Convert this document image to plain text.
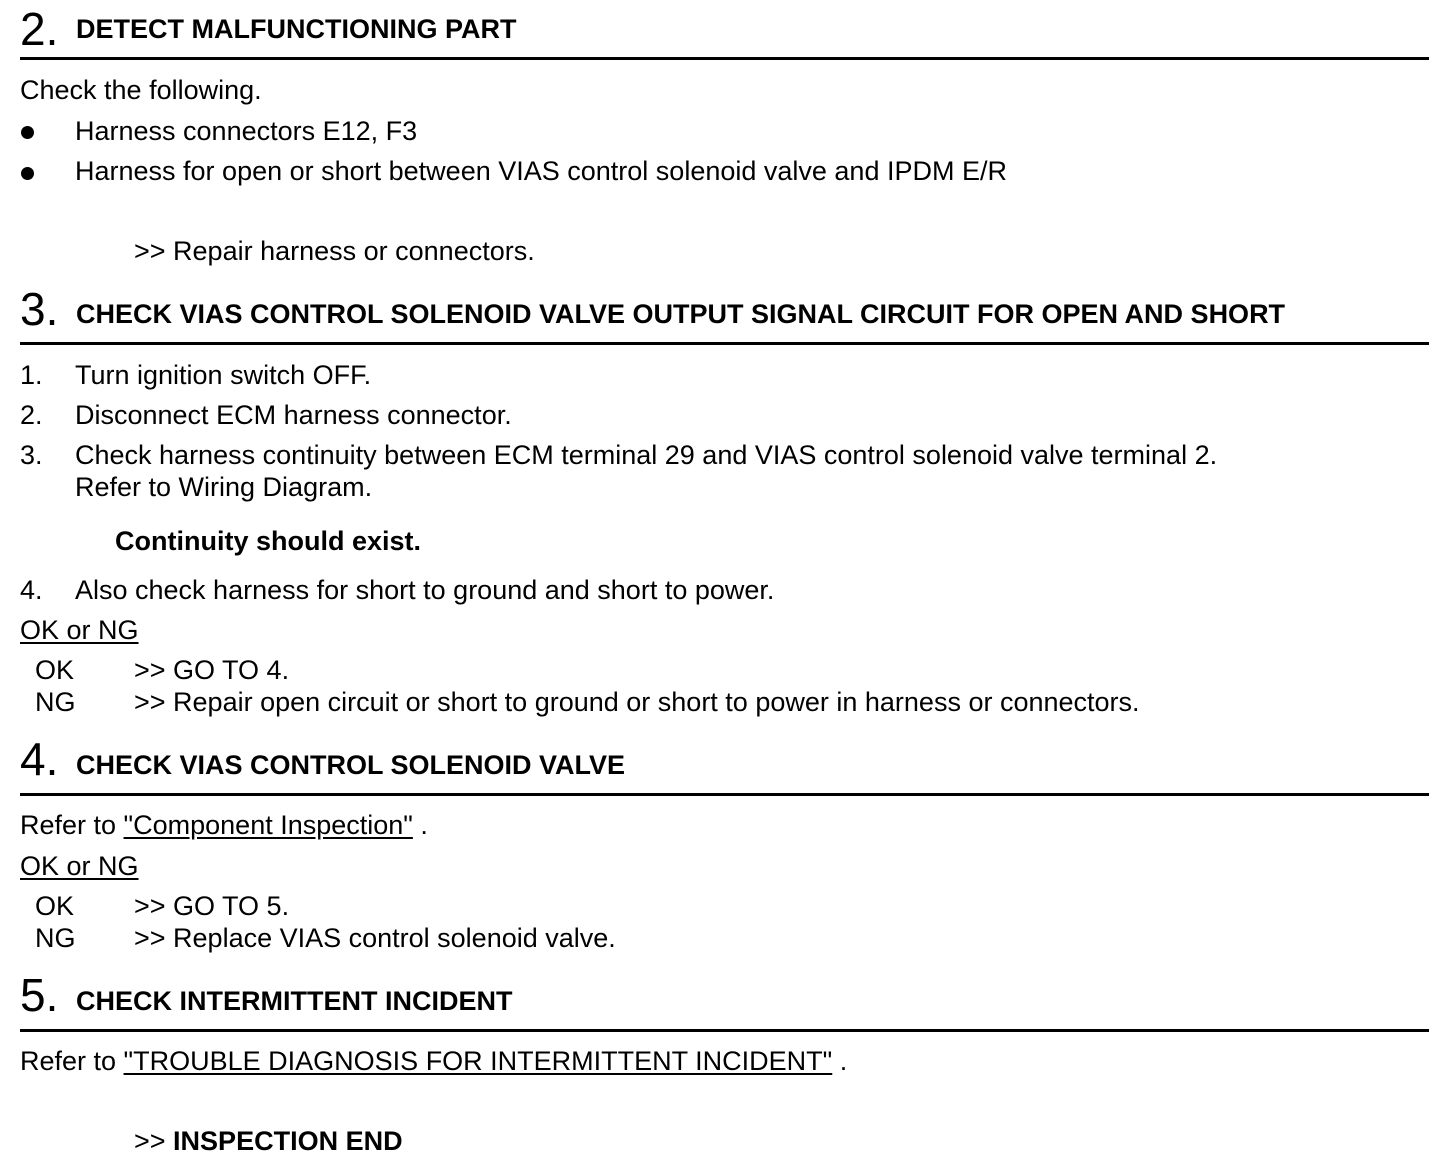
2. DETECT MALFUNCTIONING PART
Check the following.
Harness connectors E12, F3
Harness for open or short between VIAS control solenoid valve and IPDM E/R
>> Repair harness or connectors.
3. CHECK VIAS CONTROL SOLENOID VALVE OUTPUT SIGNAL CIRCUIT FOR OPEN AND SHORT
1. Turn ignition switch OFF.
2. Disconnect ECM harness connector.
3. Check harness continuity between ECM terminal 29 and VIAS control solenoid valve terminal 2.
Refer to Wiring Diagram.
Continuity should exist.
4. Also check harness for short to ground and short to power.
OK or NG
OK >> GO TO 4.
NG >> Repair open circuit or short to ground or short to power in harness or connectors.
4. CHECK VIAS CONTROL SOLENOID VALVE
Refer to "Component Inspection" .
OK or NG
OK >> GO TO 5.
NG >> Replace VIAS control solenoid valve.
5. CHECK INTERMITTENT INCIDENT
Refer to "TROUBLE DIAGNOSIS FOR INTERMITTENT INCIDENT" .
>> INSPECTION END
